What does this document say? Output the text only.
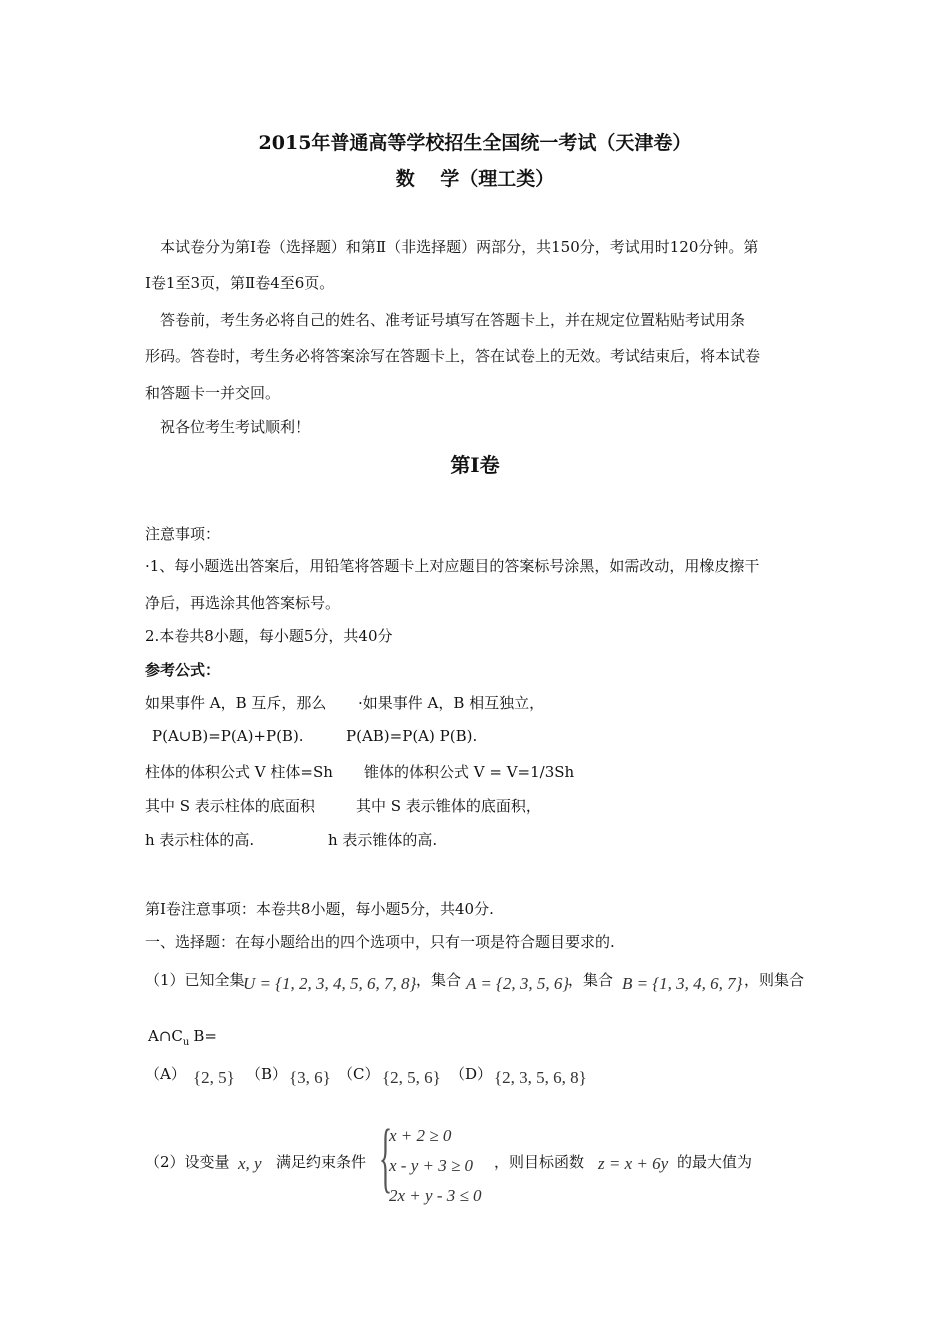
2015年普通高等学校招生全国统一考试（天津卷）
数　 学（理工类）
本试卷分为第Ⅰ卷（选择题）和第Ⅱ（非选择题）两部分，共150分，考试用时120分钟。第
Ⅰ卷1至3页，第Ⅱ卷4至6页。
答卷前，考生务必将自己的姓名、准考证号填写在答题卡上，并在规定位置粘贴考试用条
形码。答卷时，考生务必将答案涂写在答题卡上，答在试卷上的无效。考试结束后，将本试卷
和答题卡一并交回。
祝各位考生考试顺利！
第Ⅰ卷
注意事项：
·1、每小题选出答案后，用铅笔将答题卡上对应题目的答案标号涂黑，如需改动，用橡皮擦干
净后，再选涂其他答案标号。
2.本卷共8小题，每小题5分，共40分
参考公式：
如果事件 A，B 互斥，那么 ·如果事件 A，B 相互独立，
P(A∪B)=P(A)+P(B).	P(AB)=P(A) P(B).
柱体的体积公式 V 柱体=Sh 锥体的体积公式 V = V=1/3Sh
其中 S 表示柱体的底面积	其中 S 表示锥体的底面积，
h 表示柱体的高.	h 表示锥体的高.
第Ⅰ卷注意事项：本卷共8小题，每小题5分，共40分.
一、选择题：在每小题给出的四个选项中，只有一项是符合题目要求的.
（1）已知全集
U = {1, 2, 3, 4, 5, 6, 7, 8} ，集合 A = {2, 3, 5, 6}
，集合 B = {1, 3, 4, 6, 7} ，则集合
$A\cap C_u$ B=
（A） {2, 5} （B） {3, 6} （C） {2, 5, 6} （D） {2, 3, 5, 6, 8}
（2）设变量 x, y 满足约束条件 {
x + 2 ≥ 0
x - y + 3 ≥ 0
2x + y - 3 ≤ 0
，则目标函数 z = x + 6y 的最大值为
